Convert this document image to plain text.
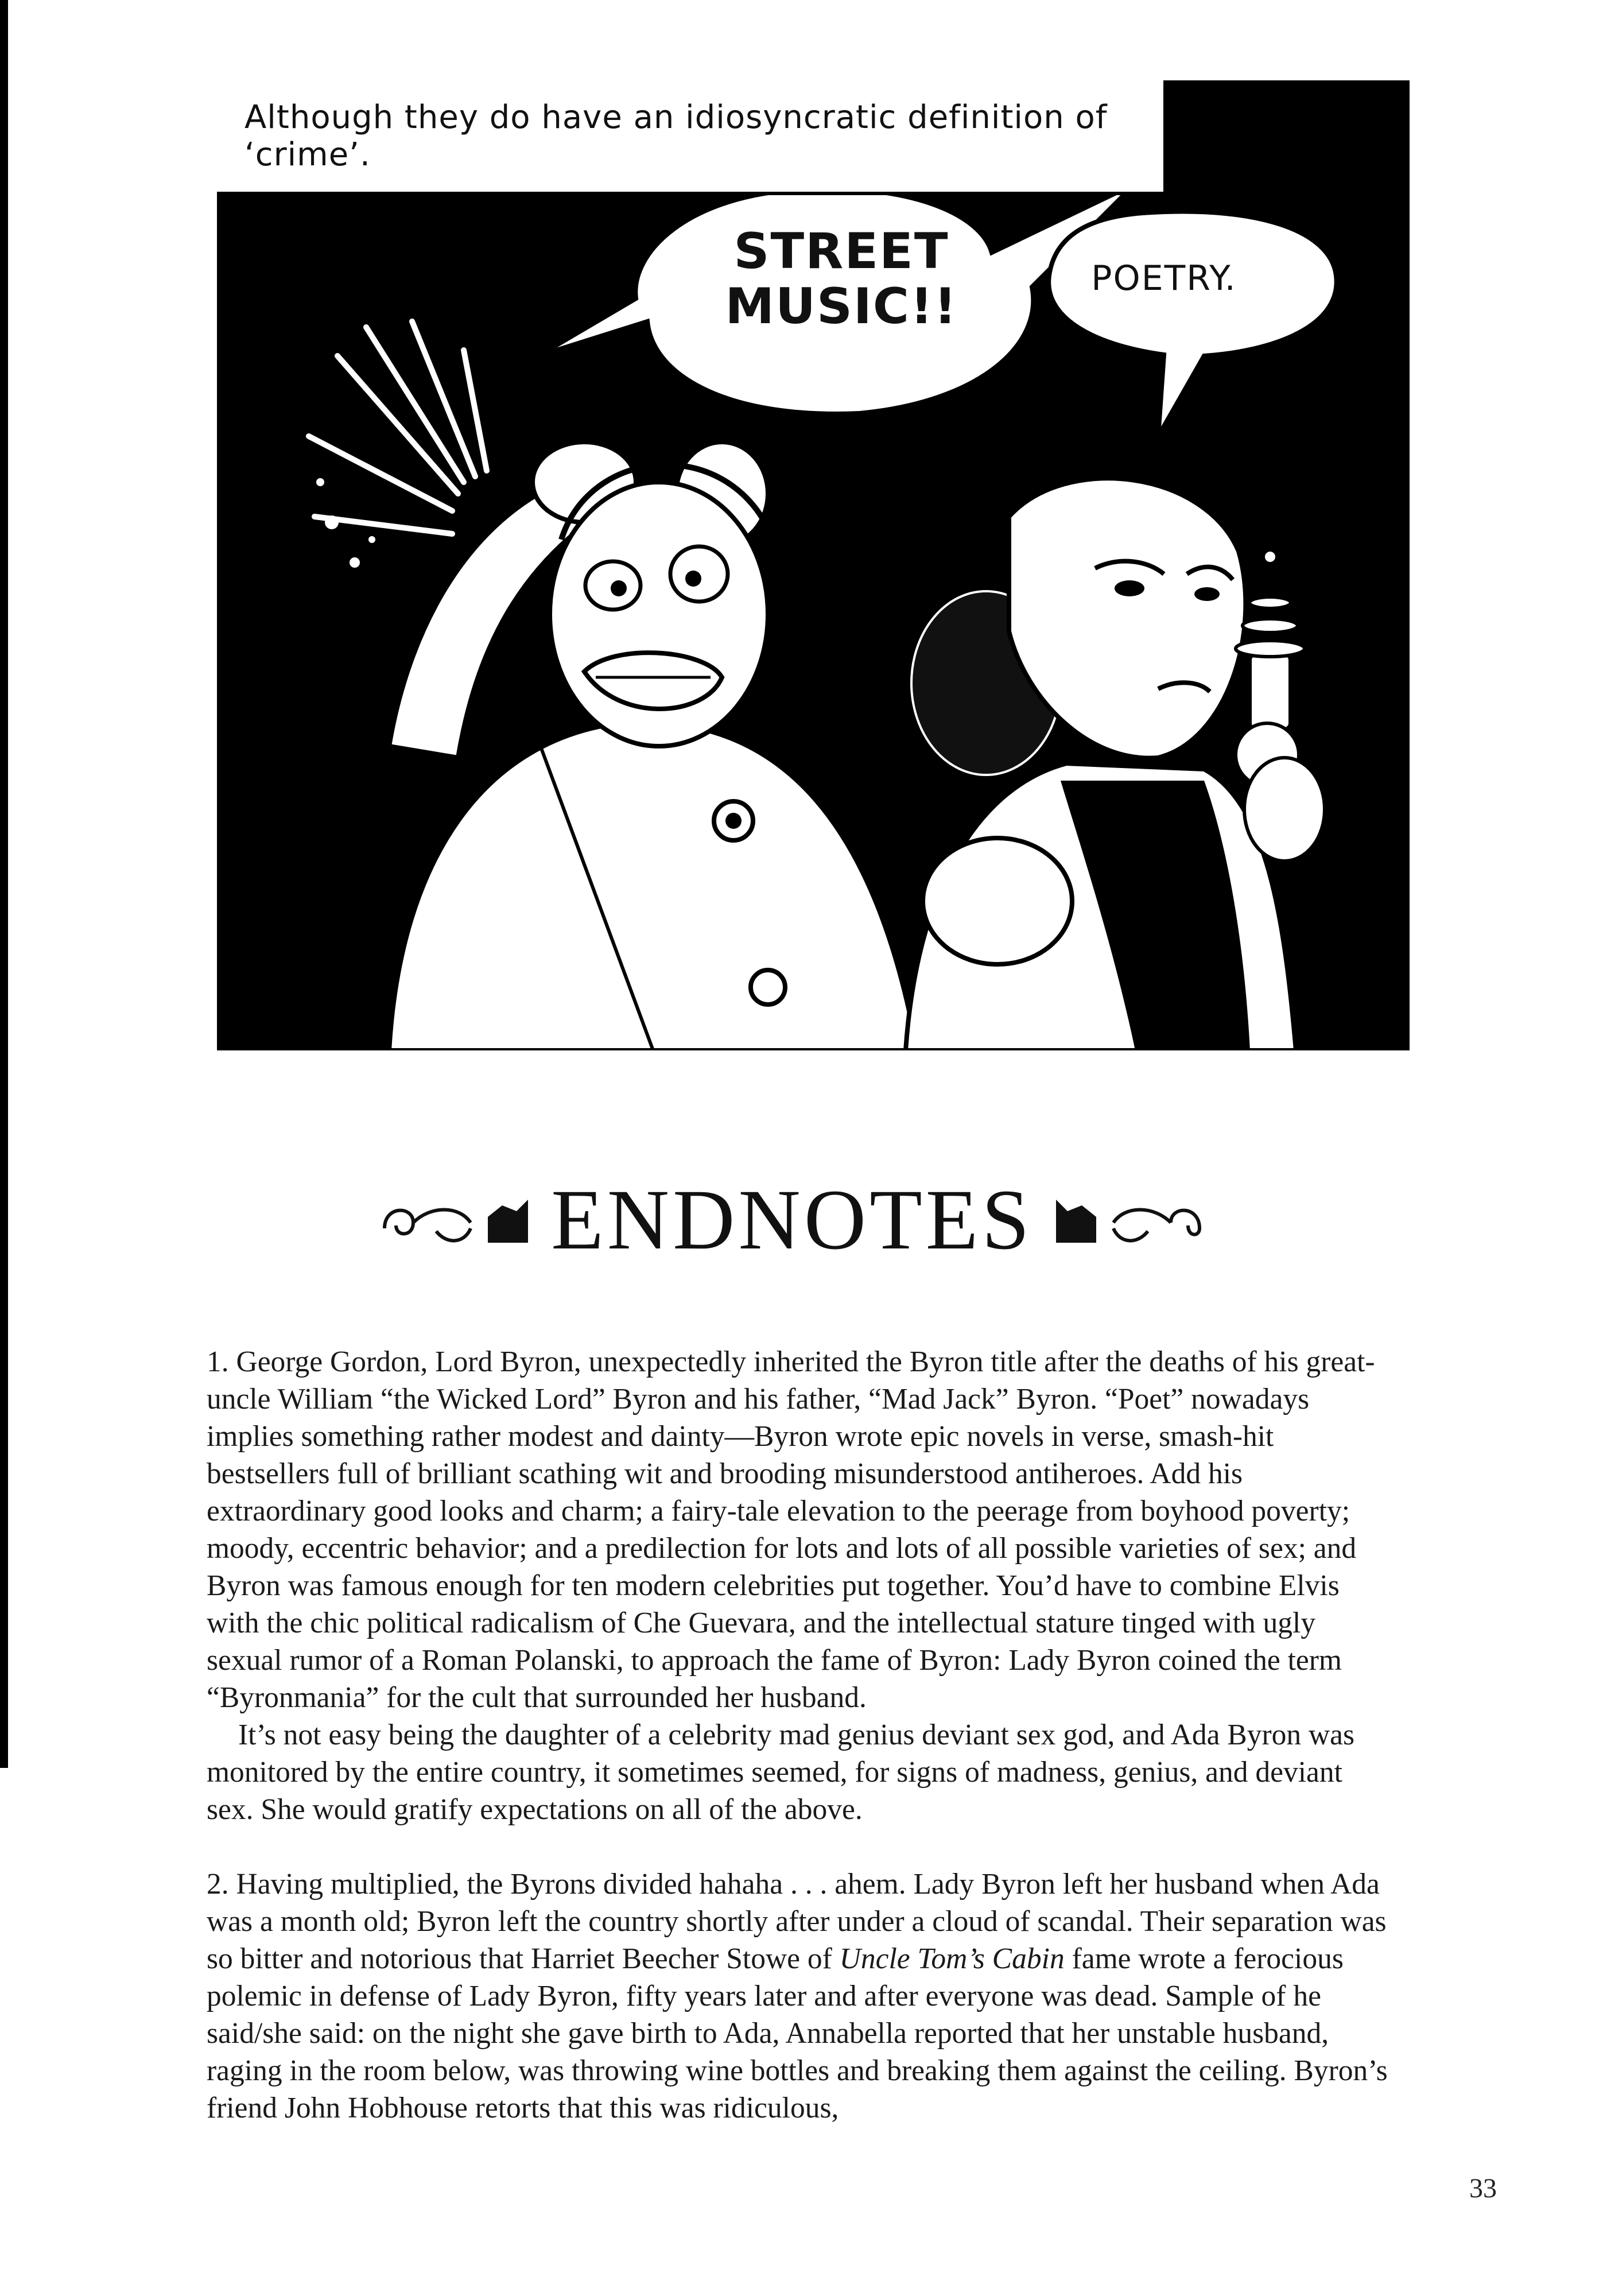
Although they do have an idiosyncratic definition of ‘crime’.
STREET
MUSIC!!	POETRY.
ENDNOTES

1. George Gordon, Lord Byron, unexpectedly inherited the Byron title after the deaths of his great-uncle William “the Wicked Lord” Byron and his father, “Mad Jack” Byron. “Poet” nowadays implies something rather modest and dainty—Byron wrote epic novels in verse, smash-hit bestsellers full of brilliant scathing wit and brooding misunderstood antiheroes. Add his extraordinary good looks and charm; a fairy-tale elevation to the peerage from boyhood poverty; moody, eccentric behavior; and a predilection for lots and lots of all possible varieties of sex; and Byron was famous enough for ten modern celebrities put together. You’d have to combine Elvis with the chic political radicalism of Che Guevara, and the intellectual stature tinged with ugly sexual rumor of a Roman Polanski, to approach the fame of Byron: Lady Byron coined the term “Byronmania” for the cult that surrounded her husband.

It’s not easy being the daughter of a celebrity mad genius deviant sex god, and Ada Byron was monitored by the entire country, it sometimes seemed, for signs of madness, genius, and deviant sex. She would gratify expectations on all of the above.

2. Having multiplied, the Byrons divided hahaha . . . ahem. Lady Byron left her husband when Ada was a month old; Byron left the country shortly after under a cloud of scandal. Their separation was so bitter and notorious that Harriet Beecher Stowe of Uncle Tom’s Cabin fame wrote a ferocious polemic in defense of Lady Byron, fifty years later and after everyone was dead. Sample of he said/she said: on the night she gave birth to Ada, Annabella reported that her unstable husband, raging in the room below, was throwing wine bottles and breaking them against the ceiling. Byron’s friend John Hobhouse retorts that this was ridiculous,

33
